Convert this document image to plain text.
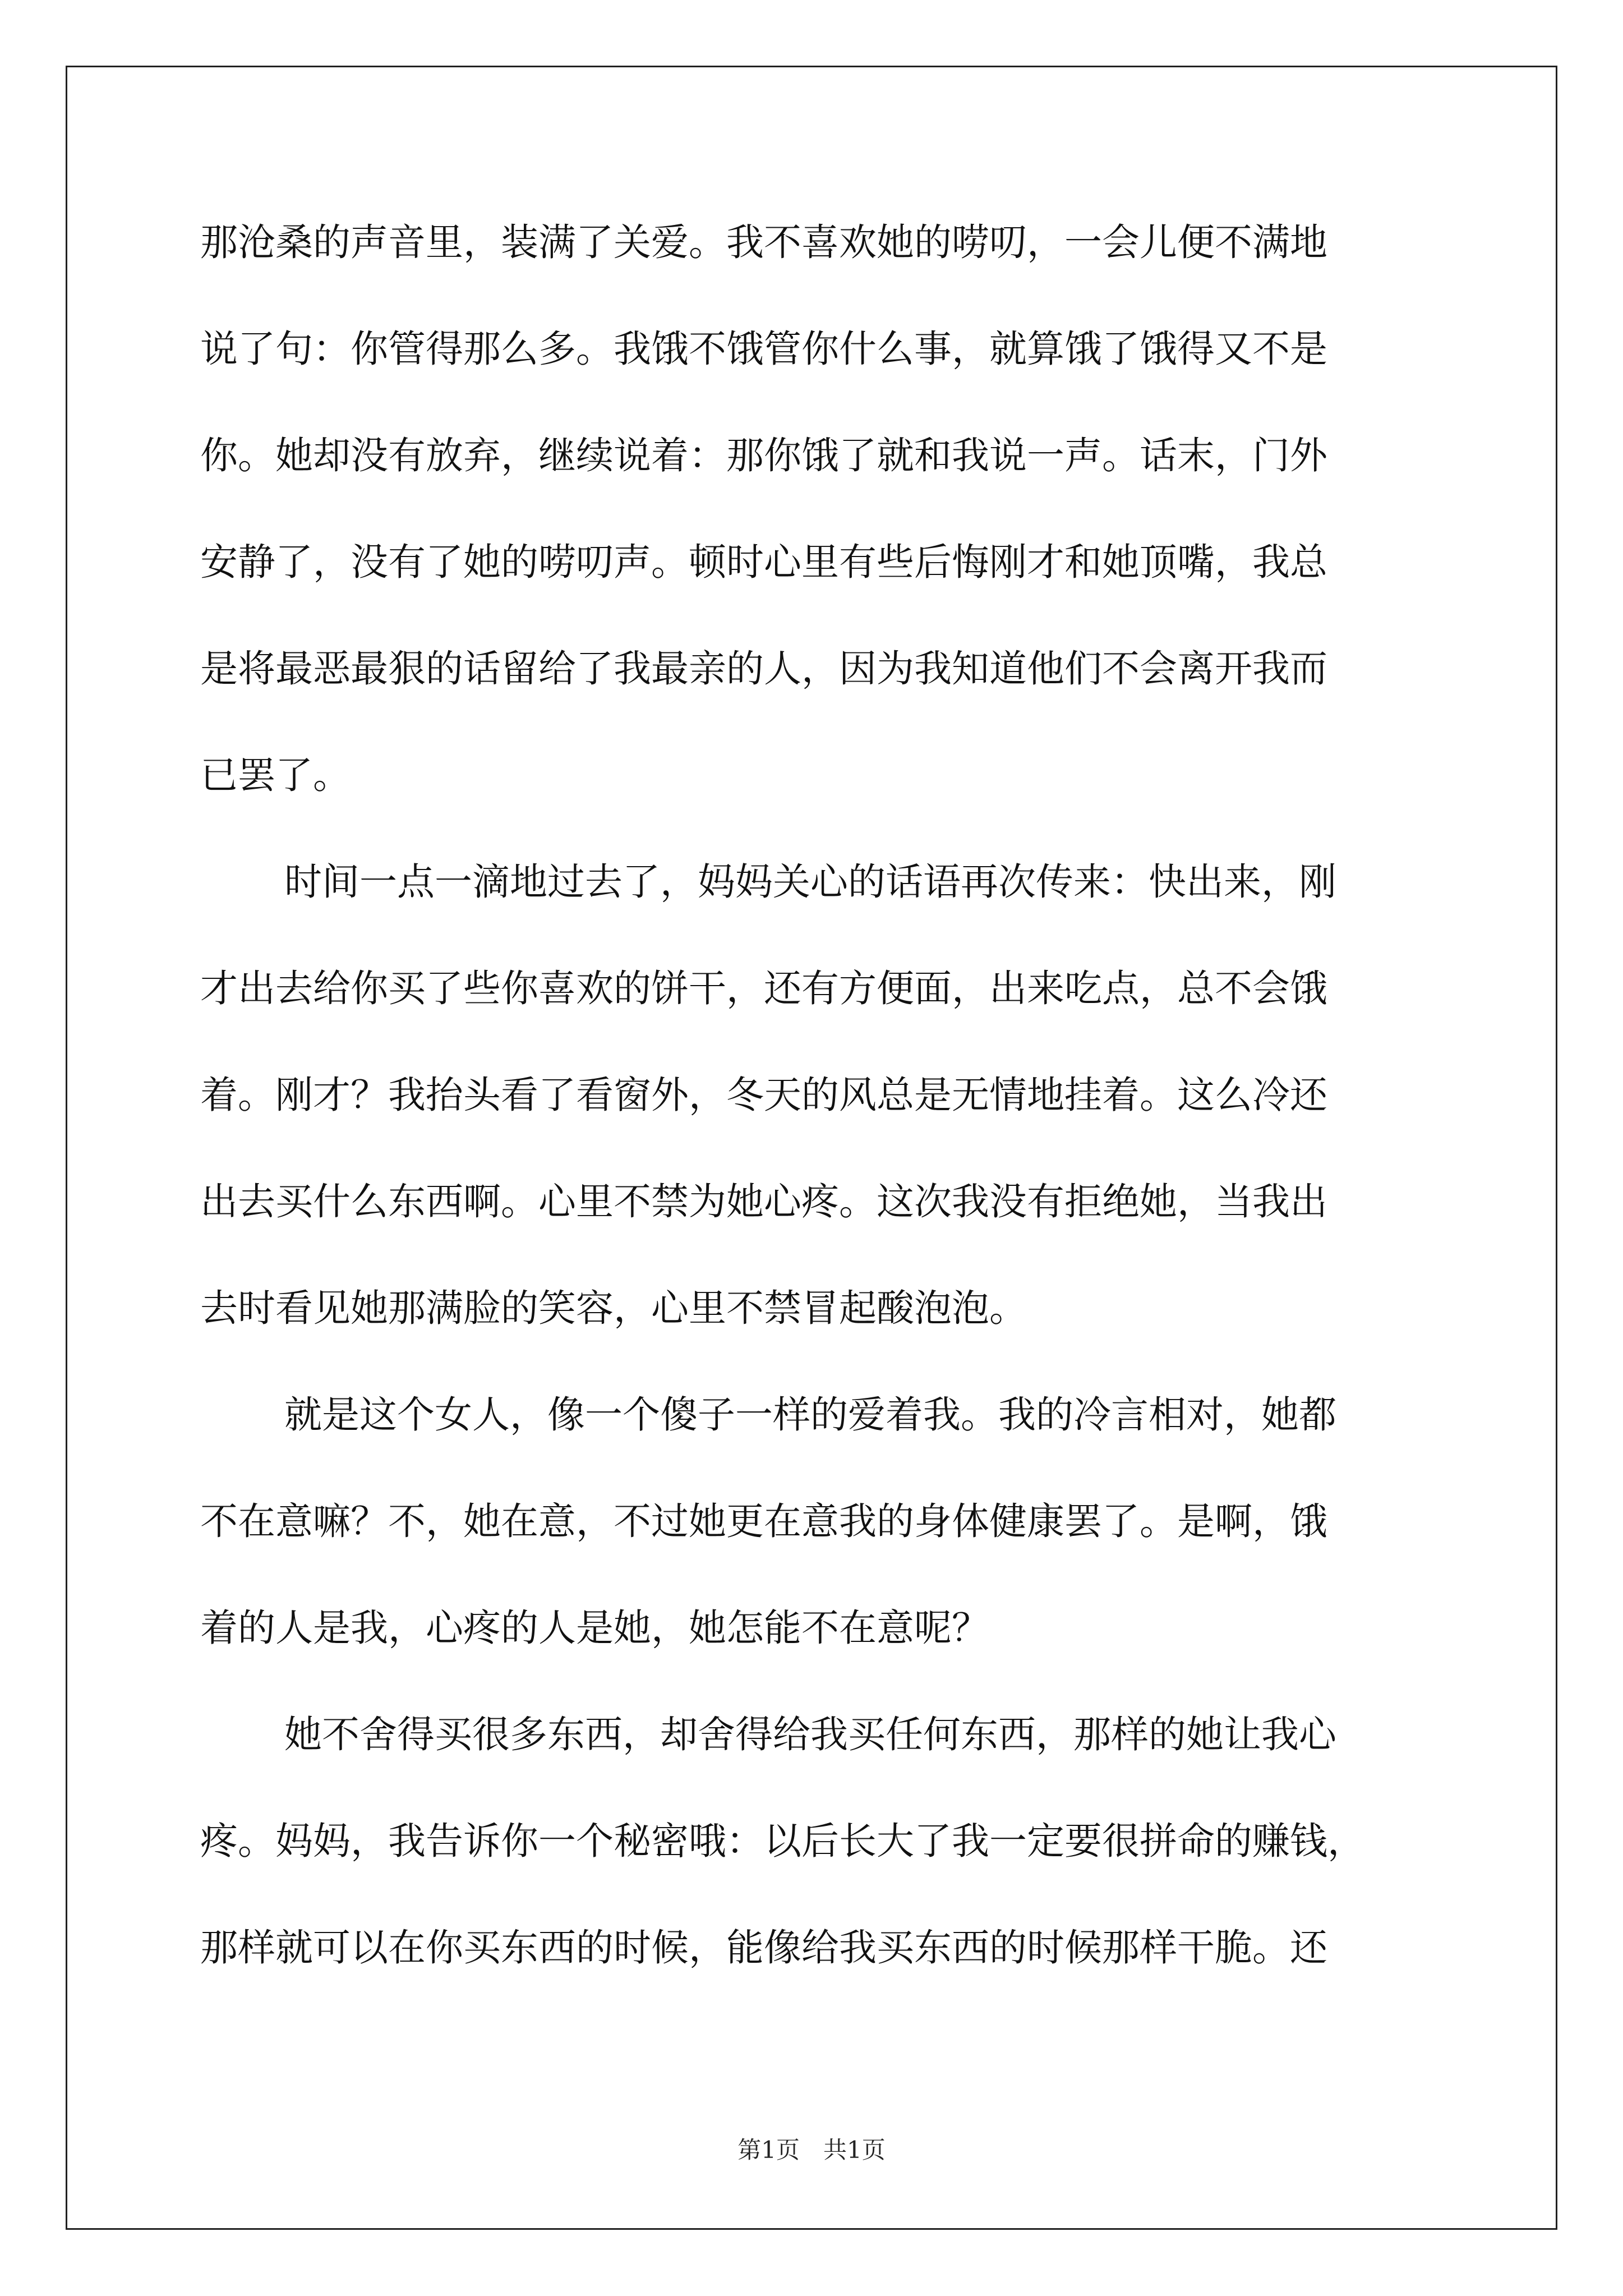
那沧桑的声音里，装满了关爱。我不喜欢她的唠叨，一会儿便不满地
说了句：你管得那么多。我饿不饿管你什么事，就算饿了饿得又不是
你。她却没有放弃，继续说着：那你饿了就和我说一声。话末，门外
安静了，没有了她的唠叨声。顿时心里有些后悔刚才和她顶嘴，我总
是将最恶最狠的话留给了我最亲的人，因为我知道他们不会离开我而
已罢了。
时间一点一滴地过去了，妈妈关心的话语再次传来：快出来，刚
才出去给你买了些你喜欢的饼干，还有方便面，出来吃点，总不会饿
着。刚才？我抬头看了看窗外，冬天的风总是无情地挂着。这么冷还
出去买什么东西啊。心里不禁为她心疼。这次我没有拒绝她，当我出
去时看见她那满脸的笑容，心里不禁冒起酸泡泡。
就是这个女人，像一个傻子一样的爱着我。我的冷言相对，她都
不在意嘛？不，她在意，不过她更在意我的身体健康罢了。是啊，饿
着的人是我，心疼的人是她，她怎能不在意呢？
她不舍得买很多东西，却舍得给我买任何东西，那样的她让我心
疼。妈妈，我告诉你一个秘密哦：以后长大了我一定要很拼命的赚钱，
那样就可以在你买东西的时候，能像给我买东西的时候那样干脆。还
第1页　共1页
